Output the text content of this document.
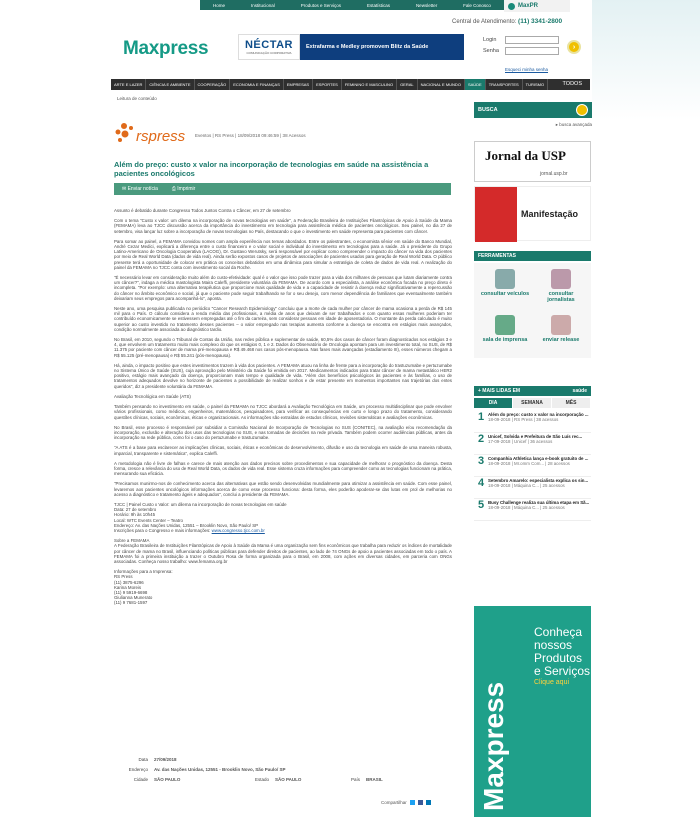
Home	Institucional	Produtos e Serviços	Estatísticas	Newsletter	Fale Conosco	MaxPR
Central de Atendimento: (11) 3341-2800
Maxpress	NÉCTAR
COMUNICAÇÃO CORPORATIVA
Extrafarma e Medley promovem Blitz da Saúde
Login
Senha
Esqueci minha senha
›
ARTE E LAZER	CIÊNCIA E AMBIENTE	COOPERAÇÃO	ECONOMIA E FINANÇAS	EMPRESAS	ESPORTES	FEMININO E MASCULINO	GERAL	NACIONAL E MUNDO	SAÚDE	TRANSPORTES	TURISMO	TODOS
Leitura de conteúdo
rspress Eventos | RS Press | 18/09/2018 09:46:59 | 38 Acessos
Além do preço: custo x valor na incorporação de tecnologias em saúde na assistência a pacientes oncológicos
✉ Enviar notícia	⎙ Imprimir

Assunto é debatido durante Congresso Todos Juntos Contra o Câncer, em 27 de setembro

Com o tema "Custo x valor: um dilema na incorporação de novas tecnologias em saúde", a Federação Brasileira de Instituições Filantrópicas de Apoio à Saúde da Mama (FEMAMA) leva ao TJCC discussão acerca da importância do investimento em tecnologia para assistência médica de pacientes oncológicos. Seu painel, no dia 27 de setembro, visa lançar luz sobre a incorporação de novas tecnologias no País, destacando o que o investimento em saúde representa para pacientes com câncer.

Para somar ao painel, a FEMAMA convidou nomes com ampla experiência nos temas abordados. Entre os palestrantes, o economista sênior em saúde do Banco Mundial, André Cezar Medici, explicará a diferença entre o custo financeiro e o valor social e individual do investimento em tecnologias para a saúde. Já o presidente do Grupo Latino-Americano de Oncologia Cooperativa (LACOG), Dr. Gustavo Werutsky, será responsável por explicar como compreender o impacto do câncer na vida dos pacientes por meio de Real World Data (dados de vida real). Ainda serão expostos casos de projetos de associações de pacientes usados para geração de Real World Data. O público presente terá a oportunidade de colocar em prática os conceitos debatidos em uma dinâmica para simular a estratégia de coleta de dados de vida real. A realização do painel da FEMAMA no TJCC conta com investimento social da Roche.

"É necessário levar em consideração muito além do custo-efetividade: qual é o valor que isso pode trazer para a vida dos milhares de pessoas que lutam diariamente contra um câncer?", indaga a médica mastologista Maira Caleffi, presidente voluntária da FEMAMA. De acordo com a especialista, a análise econômica focada no preço direto é incompleta. "Por exemplo: uma alternativa terapêutica que proporcione mais qualidade de vida e a capacidade de resistir à doença reduz significativamente a repercussão do câncer no âmbito econômico e social, já que o paciente pode seguir trabalhando se for o seu desejo, com menor dependência de familiares que eventualmente também deixariam seus empregos para acompanhá-lo", aponta.

Neste ano, uma pesquisa publicada no periódico "Cancer Research Epidemiology" concluiu que a morte de cada mulher por câncer de mama ocasiona a perda de R$ 145 mil para o País. O cálculo considera a renda média das profissionais, a média de anos que deixam de ser trabalhados e com quanto essas mulheres poderiam ter contribuído economicamente se estivessem empregadas até o fim da carreira, sem considerar pessoas em idade de aposentadoria. O montante da perda calculado é muito superior ao custo investido no tratamento desses pacientes – o valor empregado nas terapias aumenta conforme a doença se encontra em estágios mais avançados, condição normalmente associada ao diagnóstico tardio.

No Brasil, em 2010, segundo o Tribunal de Contas da União, nas redes pública e suplementar de saúde, 60,5% dos casos de câncer foram diagnosticados nos estágios 3 e 4, que envolvem um tratamento muito mais complexo do que os estágios 0, 1 e 2. Dados do Observatório de Oncologia apontam para um investimento total, no SUS, de R$ 11.375 por paciente com câncer de mama pré-menopausa e R$ 49.468 nos casos pós-menopausa. Nas fases mais avançadas (estadiamento III), esses números chegam a R$ 55.125 (pré-menopausa) e R$ 55.241 (pós-menopausa).

Há, ainda, o impacto positivo que estes investimentos trazem à vida dos pacientes. A FEMAMA atuou na linha de frente para a incorporação do trastuzumabe e pertuzumabe no Sistema Único de Saúde (SUS), cuja aprovação pelo Ministério da Saúde foi emitida em 2017. Medicamentos indicados para tratar câncer de mama metastático HER2 positivo, estágio mais avançado da doença, proporcionam mais tempo e qualidade de vida. "Além dos benefícios psicológicos às pacientes e às famílias, o uso de tratamentos adequados devolve no horizonte de pacientes a possibilidade de realizar sonhos e de estar presente em momentos importantes nas trajetórias dos entes queridos", diz a presidente voluntária da FEMAMA.

Avaliação Tecnológica em Saúde (ATS)

Também pensando no investimento em saúde, o painel da FEMAMA no TJCC abordará a Avaliação Tecnológica em Saúde, um processo multidisciplinar que pode envolver vários profissionais, como médicos, engenheiros, matemáticos, pesquisadores, para verificar as consequências em curto e longo prazo do tratamento, considerando questões clínicas, sociais, econômicas, éticas e organizacionais. As informações são extraídas de estudos clínicos, revisões sistemáticas e avaliações econômicas.

No Brasil, esse processo é responsável por subsidiar a Comissão Nacional de Incorporação de Tecnologias no SUS (CONITEC), na avaliação e/ou recomendação da incorporação, exclusão e alteração dos usos das tecnologias no SUS, e nas tomadas de decisões na rede privada. Também podem ocorrer audiências públicas, antes da incorporação na rede pública, como foi o caso do pertuzumabe e trastuzumabe.

"A ATS é a base para esclarecer as implicações clínicas, sociais, éticas e econômicas do desenvolvimento, difusão e uso da tecnologia em saúde de uma maneira robusta, imparcial, transparente e sistemática", explica Caleffi.

A metodologia não é livre de falhas e carece de mais atenção aos dados precisos sobre procedimentos e sua capacidade de melhorar o prognóstico da doença. Desta forma, cresce a relevância do uso de Real World Data, os dados de vida real. Esse sistema cruza informações para compreender como as tecnologias funcionam na prática, mensurando sua eficácia.

"Precisamos munirmo-nos de conhecimento acerca das alternativas que estão sendo desenvolvidas mundialmente para otimizar a assistência em saúde. Com esse painel, levaremos aos pacientes oncológicos informações acerca de como esse processo funciona: desta forma, eles poderão apoderar-se das lutas em prol de melhorias no acesso a diagnóstico e tratamento ágeis e adequados", conclui a presidente da FEMAMA.

TJCC | Painel Custo x Valor: um dilema na incorporação de novas tecnologias em saúde
Data: 27 de setembro
Horário: 9h às 10h45
Local: WTC Events Center – Teatro
Endereço: Av. das Nações Unidas, 12551 – Brooklin Novo, São Paulo/ SP
Inscrições para o Congresso e mais informações: www.congresso.tjcc.com.br

Sobre a FEMAMA
A Federação Brasileira de Instituições Filantrópicas de Apoio à Saúde da Mama é uma organização sem fins econômicos que trabalha para reduzir os índices de mortalidade por câncer de mama no Brasil, influenciando políticas públicas para defender direitos de pacientes, ao lado de 74 ONGs de apoio a pacientes associadas em todo o país. A FEMAMA foi a primeira instituição a trazer o Outubro Rosa de forma organizada para o Brasil, em 2008, com ações em diversas cidades, em parceria com ONGs associadas. Conheça nosso trabalho: www.femama.org.br

Informações para a Imprensa:
RS Press
(11) 3875-6296
Karina Moreis
(11) 9 5919-6698
Giulianna Munerato
(11) 9 7681-1597

Data 27/09/2018
Endereço Av. das Nações Unidas, 12551 - Brooklin Novo, São Paulo/ SP
Cidade SÃO PAULO	Estado SÃO PAULO	País BRASIL
Compartilhar
BUSCA
▸ busca avançada
Jornal da USP
jornal.usp.br
Manifestação
FERRAMENTAS
consultar veículos	consultar jornalistas
sala de imprensa	enviar release
+ MAIS LIDAS EM	saúde
DIA	SEMANA	MÊS
1 Além do preço: custo x valor na incorporação ...
18-09-2018 | RS Press | 38 acessos
2 Unicef, Solvida e Prefeitura de São Luís rec...
17-09-2018 | Unicef | 36 acessos
3 Companhia Athletica lança e-book gratuito de ...
18-09-2018 | Mr.omm Com... | 28 acessos
4 Setembro Amarelo: especialista explica os sin...
18-09-2018 | Máquina C... | 25 acessos
5 Busy Challenge realiza sua última etapa em Sã...
18-09-2018 | Máquina C... | 25 acessos
Conheça nossos Produtos e Serviços
Clique aqui
Maxpress
